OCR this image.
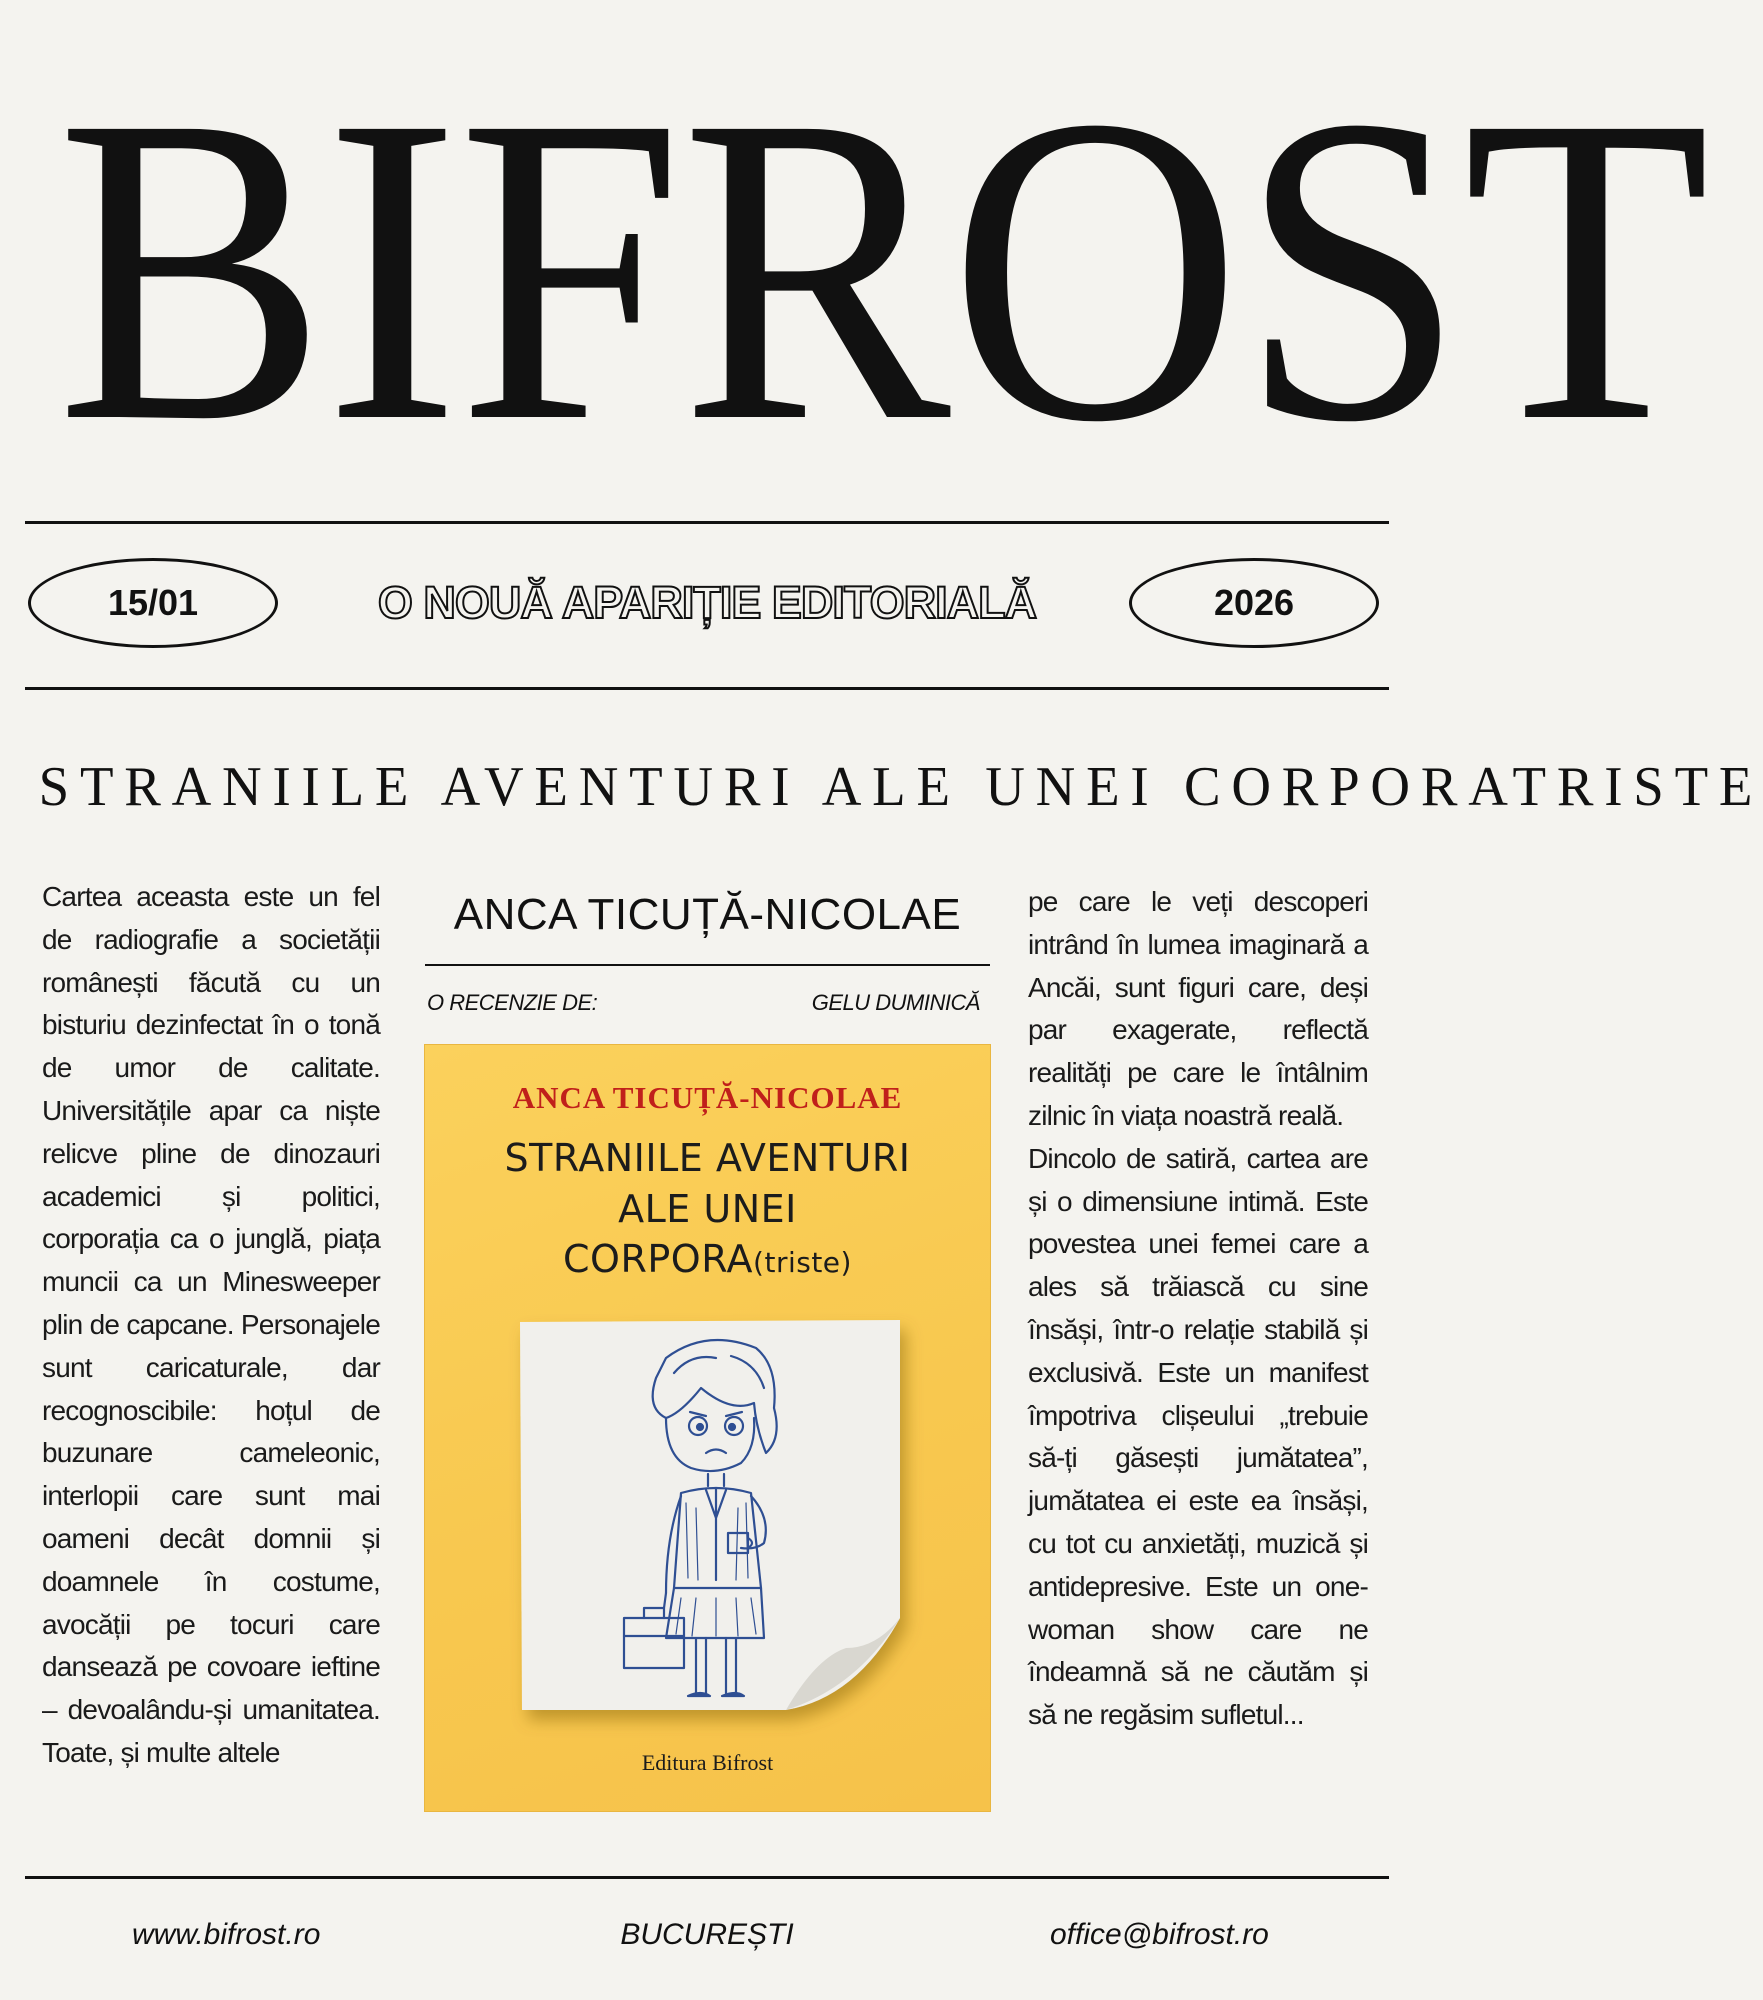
BIFROST
15/01	O NOUĂ APARIȚIE EDITORIALĂ	2026
STRANIILE AVENTURI ALE UNEI CORPORATRISTE

Cartea aceasta este un fel de radiografie a societății românești făcută cu un bisturiu dezinfectat în o tonă de umor de calitate. Universitățile apar ca niște relicve pline de dinozauri academici și politici, corporația ca o junglă, piața muncii ca un Minesweeper plin de capcane. Personajele sunt caricaturale, dar recognoscibile: hoțul de buzunare cameleonic, interlopii care sunt mai oameni decât domnii și doamnele în costume, avocății pe tocuri care dansează pe covoare ieftine – devoalându-și umanitatea. Toate, și multe altele

ANCA TICUȚĂ-NICOLAE
O RECENZIE DE:	GELU DUMINICĂ
ANCA TICUȚĂ-NICOLAE
STRANIILE AVENTURI
ALE UNEI
CORPORA(triste)
Editura Bifrost

pe care le veți descoperi intrând în lumea imaginară a Ancăi, sunt figuri care, deși par exagerate, reflectă realități pe care le întâlnim zilnic în viața noastră reală.

Dincolo de satiră, cartea are și o dimensiune intimă. Este povestea unei femei care a ales să trăiască cu sine însăși, într-o relație stabilă și exclusivă. Este un manifest împotriva clișeului „trebuie să-ți găsești jumătatea”, jumătatea ei este ea însăși, cu tot cu anxietăți, muzică și antidepresive. Este un one-woman show care ne îndeamnă să ne căutăm și să ne regăsim sufletul...

www.bifrost.ro	BUCUREȘTI	office@bifrost.ro
